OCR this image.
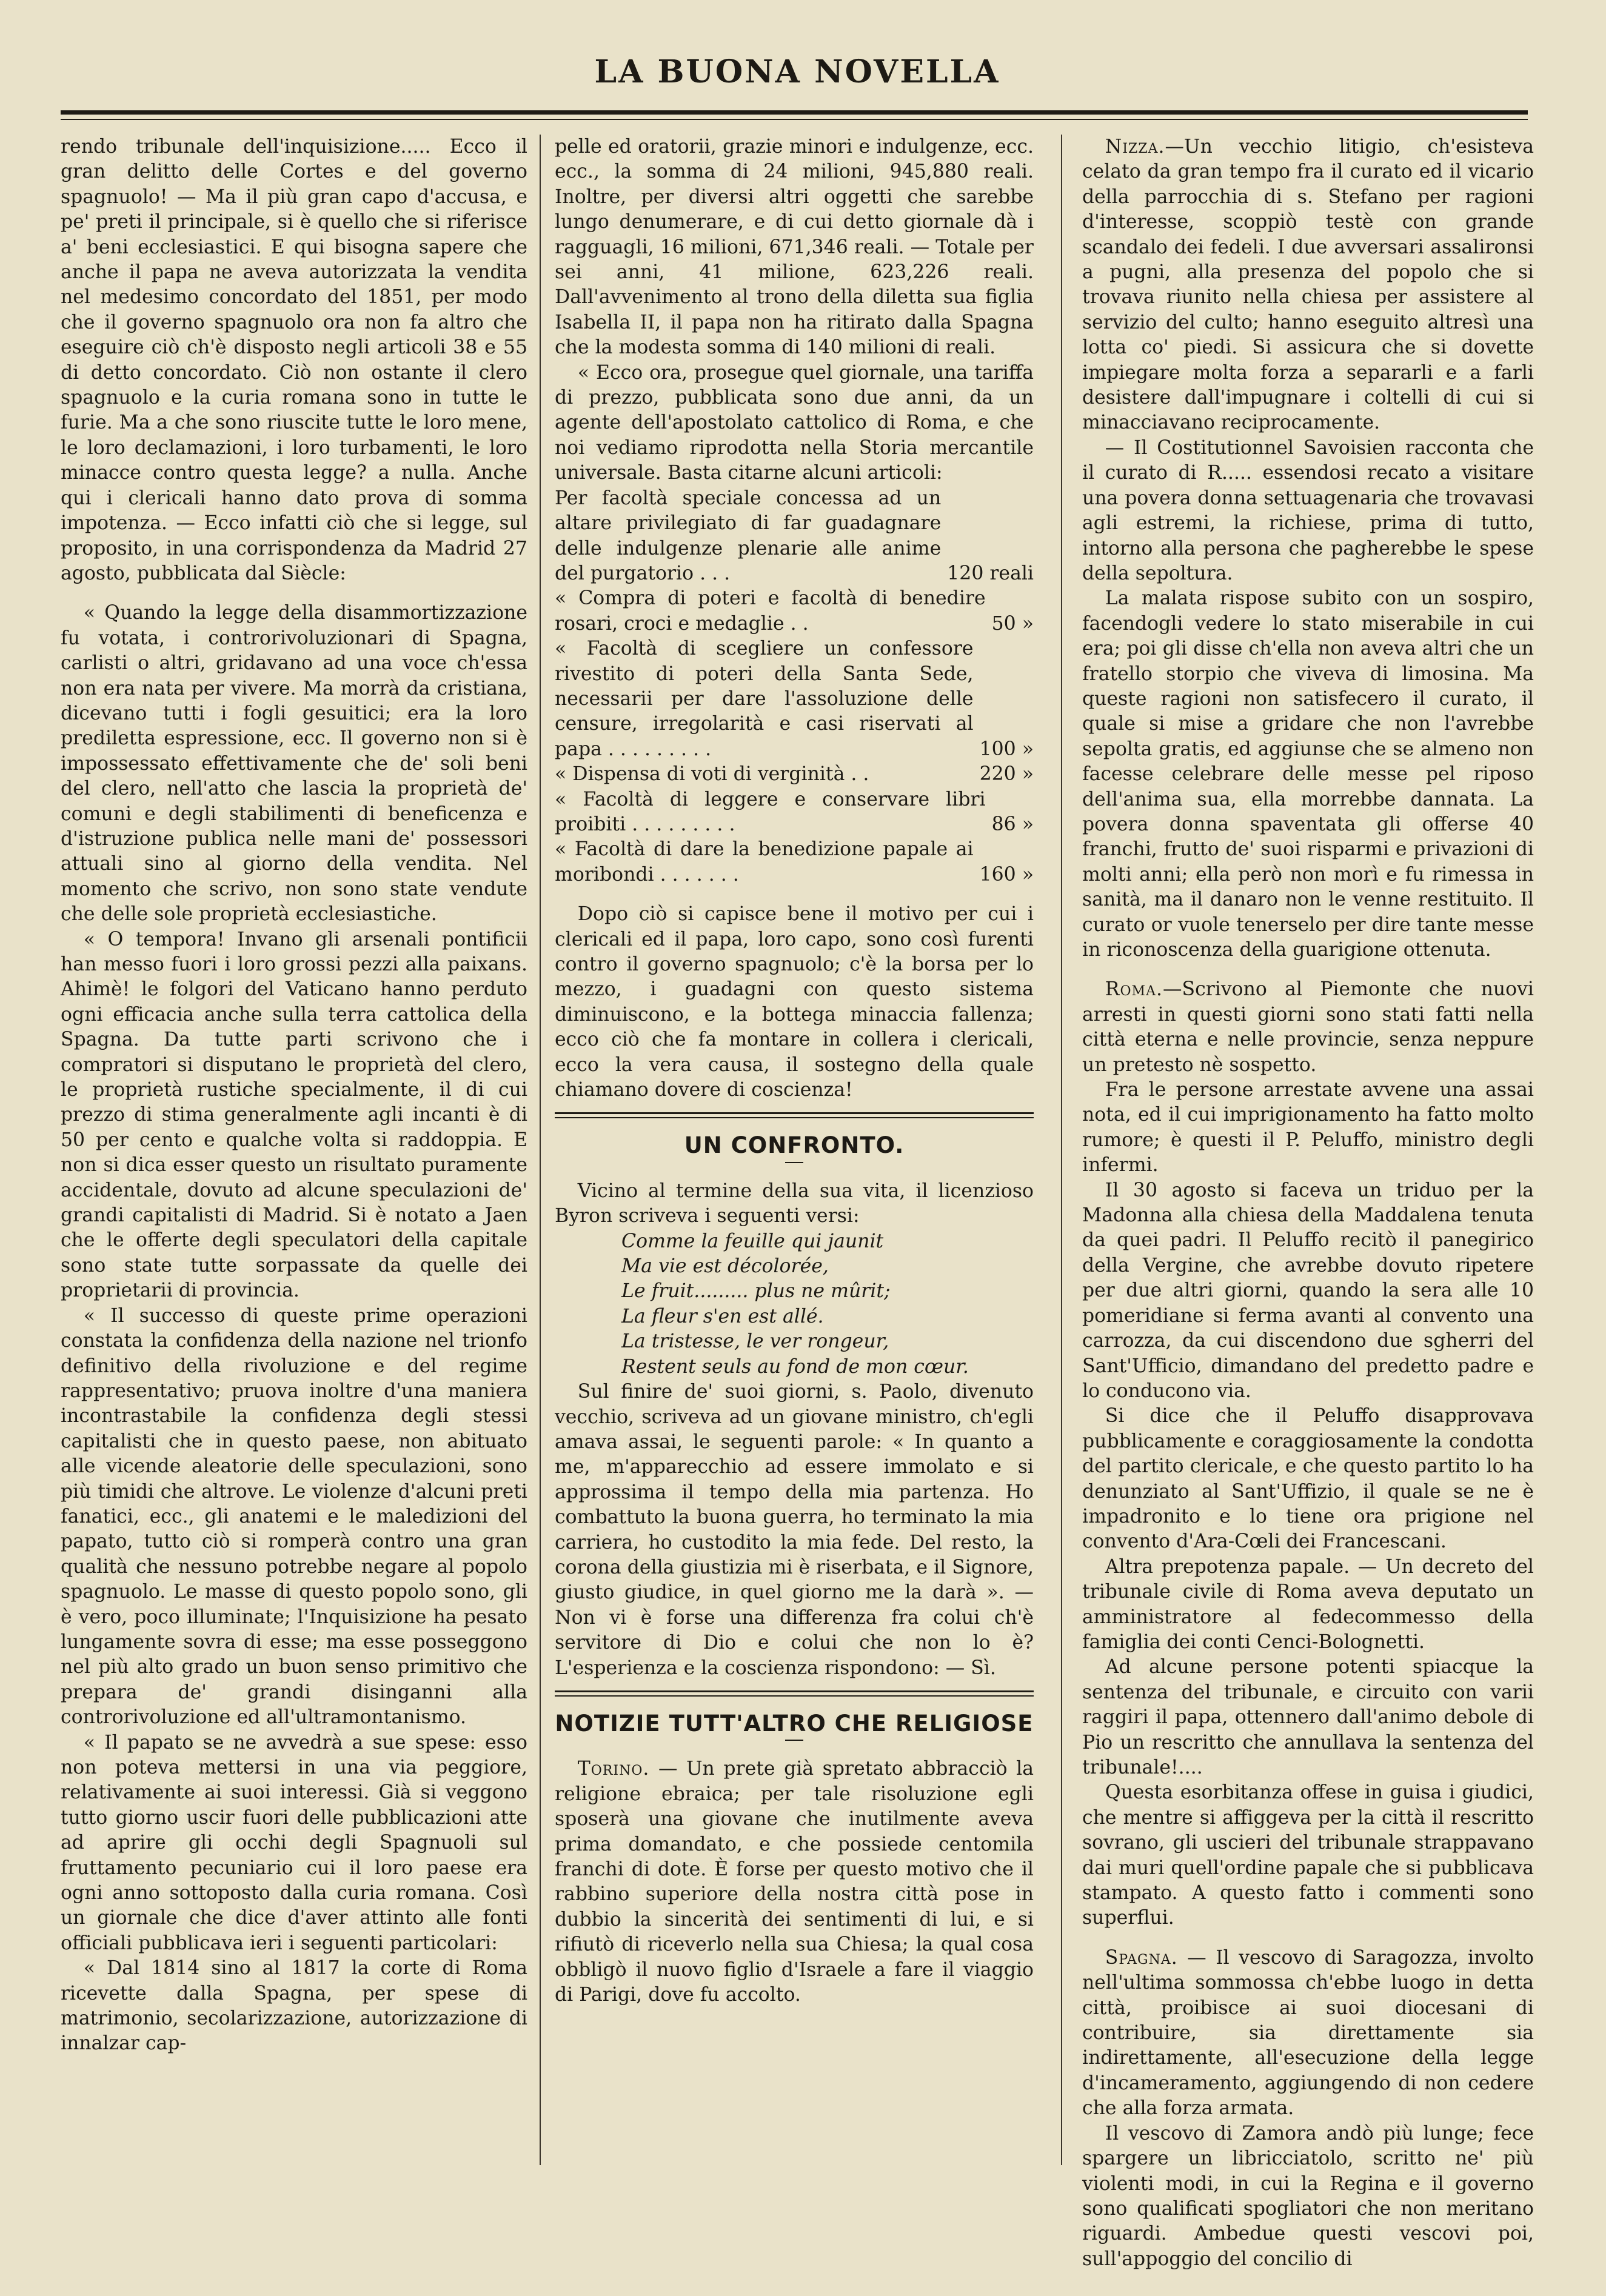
LA BUONA NOVELLA

rendo tribunale dell'inquisizione..... Ecco il gran delitto delle Cortes e del governo spagnuolo! — Ma il più gran capo d'accusa, e pe' preti il principale, si è quello che si riferisce a' beni ecclesiastici. E qui bisogna sapere che anche il papa ne aveva autorizzata la vendita nel medesimo concordato del 1851, per modo che il governo spagnuolo ora non fa altro che eseguire ciò ch'è disposto negli articoli 38 e 55 di detto concordato. Ciò non ostante il clero spagnuolo e la curia romana sono in tutte le furie. Ma a che sono riuscite tutte le loro mene, le loro declamazioni, i loro turbamenti, le loro minacce contro questa legge? a nulla. Anche qui i clericali hanno dato prova di somma impotenza. — Ecco infatti ciò che si legge, sul proposito, in una corrispondenza da Madrid 27 agosto, pubblicata dal Siècle:

« Quando la legge della disammortizzazione fu votata, i controrivoluzionari di Spagna, carlisti o altri, gridavano ad una voce ch'essa non era nata per vivere. Ma morrà da cristiana, dicevano tutti i fogli gesuitici; era la loro prediletta espressione, ecc. Il governo non si è impossessato effettivamente che de' soli beni del clero, nell'atto che lascia la proprietà de' comuni e degli stabilimenti di beneficenza e d'istruzione publica nelle mani de' possessori attuali sino al giorno della vendita. Nel momento che scrivo, non sono state vendute che delle sole proprietà ecclesiastiche.

« O tempora! Invano gli arsenali pontificii han messo fuori i loro grossi pezzi alla paixans. Ahimè! le folgori del Vaticano hanno perduto ogni efficacia anche sulla terra cattolica della Spagna. Da tutte parti scrivono che i compratori si disputano le proprietà del clero, le proprietà rustiche specialmente, il di cui prezzo di stima generalmente agli incanti è di 50 per cento e qualche volta si raddoppia. E non si dica esser questo un risultato puramente accidentale, dovuto ad alcune speculazioni de' grandi capitalisti di Madrid. Si è notato a Jaen che le offerte degli speculatori della capitale sono state tutte sorpassate da quelle dei proprietarii di provincia.

« Il successo di queste prime operazioni constata la confidenza della nazione nel trionfo definitivo della rivoluzione e del regime rappresentativo; pruova inoltre d'una maniera incontrastabile la confidenza degli stessi capitalisti che in questo paese, non abituato alle vicende aleatorie delle speculazioni, sono più timidi che altrove. Le violenze d'alcuni preti fanatici, ecc., gli anatemi e le maledizioni del papato, tutto ciò si romperà contro una gran qualità che nessuno potrebbe negare al popolo spagnuolo. Le masse di questo popolo sono, gli è vero, poco illuminate; l'Inquisizione ha pesato lungamente sovra di esse; ma esse posseggono nel più alto grado un buon senso primitivo che prepara de' grandi disinganni alla controrivoluzione ed all'ultramontanismo.

« Il papato se ne avvedrà a sue spese: esso non poteva mettersi in una via peggiore, relativamente ai suoi interessi. Già si veggono tutto giorno uscir fuori delle pubblicazioni atte ad aprire gli occhi degli Spagnuoli sul fruttamento pecuniario cui il loro paese era ogni anno sottoposto dalla curia romana. Così un giornale che dice d'aver attinto alle fonti officiali pubblicava ieri i seguenti particolari:

« Dal 1814 sino al 1817 la corte di Roma ricevette dalla Spagna, per spese di matrimonio, secolarizzazione, autorizzazione di innalzar cap-

pelle ed oratorii, grazie minori e indulgenze, ecc. ecc., la somma di 24 milioni, 945,880 reali. Inoltre, per diversi altri oggetti che sarebbe lungo denumerare, e di cui detto giornale dà i ragguagli, 16 milioni, 671,346 reali. — Totale per sei anni, 41 milione, 623,226 reali. Dall'avvenimento al trono della diletta sua figlia Isabella II, il papa non ha ritirato dalla Spagna che la modesta somma di 140 milioni di reali.

« Ecco ora, prosegue quel giornale, una tariffa di prezzo, pubblicata sono due anni, da un agente dell'apostolato cattolico di Roma, e che noi vediamo riprodotta nella Storia mercantile universale. Basta citarne alcuni articoli:

Per facoltà speciale concessa ad un altare privilegiato di far guadagnare delle indulgenze plenarie alle anime del purgatorio . . .	120 reali
« Compra di poteri e facoltà di benedire rosari, croci e medaglie . .	50 »
« Facoltà di scegliere un confessore rivestito di poteri della Santa Sede, necessarii per dare l'assoluzione delle censure, irregolarità e casi riservati al papa . . . . . . . . .	100 »
« Dispensa di voti di verginità . .	220 »
« Facoltà di leggere e conservare libri proibiti . . . . . . . . .	86 »
« Facoltà di dare la benedizione papale ai moribondi . . . . . . .	160 »

Dopo ciò si capisce bene il motivo per cui i clericali ed il papa, loro capo, sono così furenti contro il governo spagnuolo; c'è la borsa per lo mezzo, i guadagni con questo sistema diminuiscono, e la bottega minaccia fallenza; ecco ciò che fa montare in collera i clericali, ecco la vera causa, il sostegno della quale chiamano dovere di coscienza!

UN CONFRONTO.

Vicino al termine della sua vita, il licenzioso Byron scriveva i seguenti versi:

Comme la feuille qui jaunit
Ma vie est décolorée,
Le fruit......... plus ne mûrit;
La fleur s'en est allé.
La tristesse, le ver rongeur,
Restent seuls au fond de mon cœur.

Sul finire de' suoi giorni, s. Paolo, divenuto vecchio, scriveva ad un giovane ministro, ch'egli amava assai, le seguenti parole: « In quanto a me, m'apparecchio ad essere immolato e si approssima il tempo della mia partenza. Ho combattuto la buona guerra, ho terminato la mia carriera, ho custodito la mia fede. Del resto, la corona della giustizia mi è riserbata, e il Signore, giusto giudice, in quel giorno me la darà ». — Non vi è forse una differenza fra colui ch'è servitore di Dio e colui che non lo è? L'esperienza e la coscienza rispondono: — Sì.

NOTIZIE TUTT'ALTRO CHE RELIGIOSE

Torino. — Un prete già spretato abbracciò la religione ebraica; per tale risoluzione egli sposerà una giovane che inutilmente aveva prima domandato, e che possiede centomila franchi di dote. È forse per questo motivo che il rabbino superiore della nostra città pose in dubbio la sincerità dei sentimenti di lui, e si rifiutò di riceverlo nella sua Chiesa; la qual cosa obbligò il nuovo figlio d'Israele a fare il viaggio di Parigi, dove fu accolto.

Nizza.—Un vecchio litigio, ch'esisteva celato da gran tempo fra il curato ed il vicario della parrocchia di s. Stefano per ragioni d'interesse, scoppiò testè con grande scandalo dei fedeli. I due avversari assalironsi a pugni, alla presenza del popolo che si trovava riunito nella chiesa per assistere al servizio del culto; hanno eseguito altresì una lotta co' piedi. Si assicura che si dovette impiegare molta forza a separarli e a farli desistere dall'impugnare i coltelli di cui si minacciavano reciprocamente.

— Il Costitutionnel Savoisien racconta che il curato di R..... essendosi recato a visitare una povera donna settuagenaria che trovavasi agli estremi, la richiese, prima di tutto, intorno alla persona che pagherebbe le spese della sepoltura.

La malata rispose subito con un sospiro, facendogli vedere lo stato miserabile in cui era; poi gli disse ch'ella non aveva altri che un fratello storpio che viveva di limosina. Ma queste ragioni non satisfecero il curato, il quale si mise a gridare che non l'avrebbe sepolta gratis, ed aggiunse che se almeno non facesse celebrare delle messe pel riposo dell'anima sua, ella morrebbe dannata. La povera donna spaventata gli offerse 40 franchi, frutto de' suoi risparmi e privazioni di molti anni; ella però non morì e fu rimessa in sanità, ma il danaro non le venne restituito. Il curato or vuole tenerselo per dire tante messe in riconoscenza della guarigione ottenuta.

Roma.—Scrivono al Piemonte che nuovi arresti in questi giorni sono stati fatti nella città eterna e nelle provincie, senza neppure un pretesto nè sospetto.

Fra le persone arrestate avvene una assai nota, ed il cui imprigionamento ha fatto molto rumore; è questi il P. Peluffo, ministro degli infermi.

Il 30 agosto si faceva un triduo per la Madonna alla chiesa della Maddalena tenuta da quei padri. Il Peluffo recitò il panegirico della Vergine, che avrebbe dovuto ripetere per due altri giorni, quando la sera alle 10 pomeridiane si ferma avanti al convento una carrozza, da cui discendono due sgherri del Sant'Ufficio, dimandano del predetto padre e lo conducono via.

Si dice che il Peluffo disapprovava pubblicamente e coraggiosamente la condotta del partito clericale, e che questo partito lo ha denunziato al Sant'Uffizio, il quale se ne è impadronito e lo tiene ora prigione nel convento d'Ara-Cœli dei Francescani.

Altra prepotenza papale. — Un decreto del tribunale civile di Roma aveva deputato un amministratore al fedecommesso della famiglia dei conti Cenci-Bolognetti.

Ad alcune persone potenti spiacque la sentenza del tribunale, e circuito con varii raggiri il papa, ottennero dall'animo debole di Pio un rescritto che annullava la sentenza del tribunale!....

Questa esorbitanza offese in guisa i giudici, che mentre si affiggeva per la città il rescritto sovrano, gli uscieri del tribunale strappavano dai muri quell'ordine papale che si pubblicava stampato. A questo fatto i commenti sono superflui.

Spagna. — Il vescovo di Saragozza, involto nell'ultima sommossa ch'ebbe luogo in detta città, proibisce ai suoi diocesani di contribuire, sia direttamente sia indirettamente, all'esecuzione della legge d'incameramento, aggiungendo di non cedere che alla forza armata.

Il vescovo di Zamora andò più lunge; fece spargere un libricciatolo, scritto ne' più violenti modi, in cui la Regina e il governo sono qualificati spogliatori che non meritano riguardi. Ambedue questi vescovi poi, sull'appoggio del concilio di
